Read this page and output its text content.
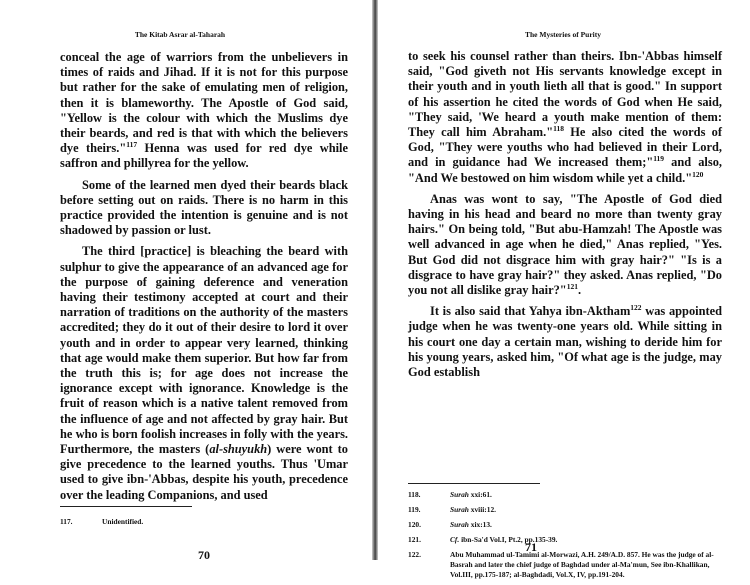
The Kitab Asrar al-Taharah

conceal the age of warriors from the unbelievers in times of raids and Jihad. If it is not for this purpose but rather for the sake of emulating men of religion, then it is blameworthy. The Apostle of God said, "Yellow is the colour with which the Muslims dye their beards, and red is that with which the believers dye theirs."$^{117}$ Henna was used for red dye while saffron and phillyrea for the yellow.

Some of the learned men dyed their beards black before setting out on raids. There is no harm in this practice provided the intention is genuine and is not shadowed by passion or lust.

The third [practice] is bleaching the beard with sulphur to give the appearance of an advanced age for the purpose of gaining deference and veneration having their testimony accepted at court and their narration of traditions on the authority of the masters accredited; they do it out of their desire to lord it over youth and in order to appear very learned, thinking that age would make them superior. But how far from the truth this is; for age does not increase the ignorance except with ignorance. Knowledge is the fruit of reason which is a native talent removed from the influence of age and not affected by gray hair. But he who is born foolish increases in folly with the years. Furthermore, the masters (al-shuyukh) were wont to give precedence to the learned youths. Thus 'Umar used to give ibn-'Abbas, despite his youth, precedence over the leading Companions, and used

117.	Unidentified.
70
The Mysteries of Purity

to seek his counsel rather than theirs. Ibn-'Abbas himself said, "God giveth not His servants knowledge except in their youth and in youth lieth all that is good." In support of his assertion he cited the words of God when He said, "They said, 'We heard a youth make mention of them: They call him Abraham."$^{118}$ He also cited the words of God, "They were youths who had believed in their Lord, and in guidance had We increased them;"$^{119}$ and also, "And We bestowed on him wisdom while yet a child."$^{120}$

Anas was wont to say, "The Apostle of God died having in his head and beard no more than twenty gray hairs." On being told, "But abu-Hamzah! The Apostle was well advanced in age when he died," Anas replied, "Yes. But God did not disgrace him with gray hair?" "Is is a disgrace to have gray hair?" they asked. Anas replied, "Do you not all dislike gray hair?"$^{121}$.

It is also said that Yahya ibn-Aktham$^{122}$ was appointed judge when he was twenty-one years old. While sitting in his court one day a certain man, wishing to deride him for his young years, asked him, "Of what age is the judge, may God establish

118.	Surah xxi:61.
119.	Surah xviii:12.
120.	Surah xix:13.
121.	Cf. ibn-Sa'd Vol.I, Pt.2, pp.135-39.
122.	Abu Muhammad ul-Tamimi al-Morwazi, A.H. 249/A.D. 857. He was the judge of al-Basrah and later the chief judge of Baghdad under al-Ma'mun, See ibn-Khallikan, Vol.III, pp.175-187; al-Baghdadi, Vol.X, IV, pp.191-204.
71
